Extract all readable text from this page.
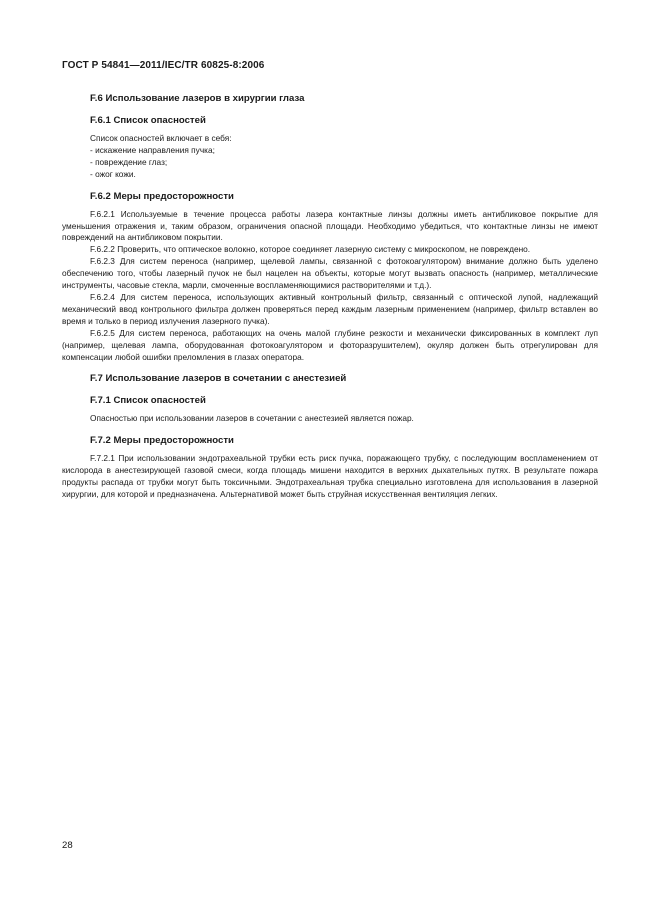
ГОСТ Р 54841—2011/IEC/TR 60825-8:2006
F.6 Использование лазеров в хирургии глаза
F.6.1 Список опасностей
Список опасностей включает в себя:
- искажение направления пучка;
- повреждение глаз;
- ожог кожи.
F.6.2 Меры предосторожности

F.6.2.1 Используемые в течение процесса работы лазера контактные линзы должны иметь антибликовое покрытие для уменьшения отражения и, таким образом, ограничения опасной площади. Необходимо убедиться, что контактные линзы не имеют повреждений на антибликовом покрытии.

F.6.2.2 Проверить, что оптическое волокно, которое соединяет лазерную систему с микроскопом, не повреждено.

F.6.2.3 Для систем переноса (например, щелевой лампы, связанной с фотокоагулятором) внимание должно быть уделено обеспечению того, чтобы лазерный пучок не был нацелен на объекты, которые могут вызвать опасность (например, металлические инструменты, часовые стекла, марли, смоченные воспламеняющимися растворителями и т.д.).

F.6.2.4 Для систем переноса, использующих активный контрольный фильтр, связанный с оптической лупой, надлежащий механический ввод контрольного фильтра должен проверяться перед каждым лазерным применением (например, фильтр вставлен во время и только в период излучения лазерного пучка).

F.6.2.5 Для систем переноса, работающих на очень малой глубине резкости и механически фиксированных в комплект луп (например, щелевая лампа, оборудованная фотокоагулятором и фоторазрушителем), окуляр должен быть отрегулирован для компенсации любой ошибки преломления в глазах оператора.

F.7 Использование лазеров в сочетании с анестезией
F.7.1 Список опасностей

Опасностью при использовании лазеров в сочетании с анестезией является пожар.

F.7.2 Меры предосторожности

F.7.2.1 При использовании эндотрахеальной трубки есть риск пучка, поражающего трубку, с последующим воспламенением от кислорода в анестезирующей газовой смеси, когда площадь мишени находится в верхних дыхательных путях. В результате пожара продукты распада от трубки могут быть токсичными. Эндотрахеальная трубка специально изготовлена для использования в лазерной хирургии, для которой и предназначена. Альтернативой может быть струйная искусственная вентиляция легких.

28
